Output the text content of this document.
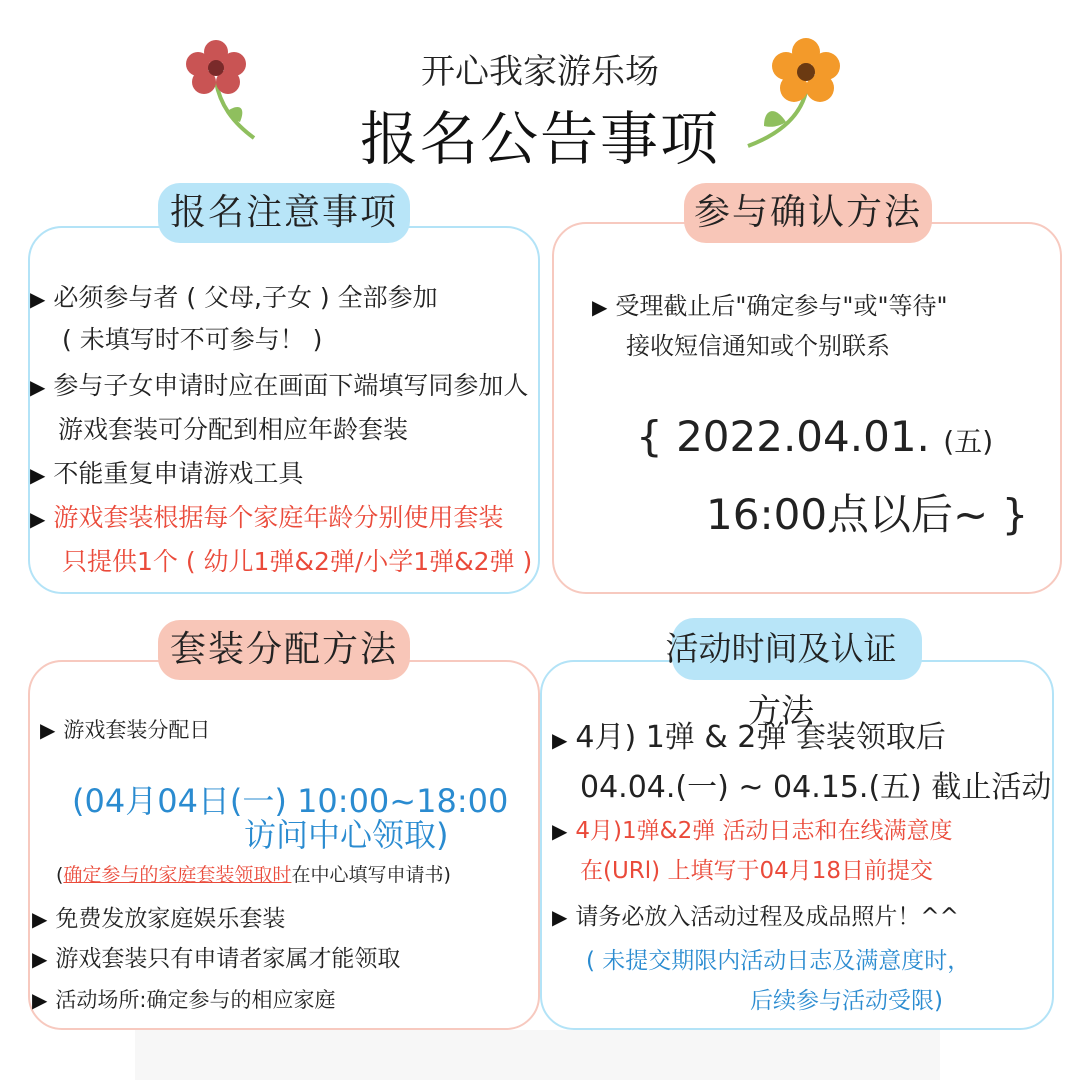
开心我家游乐场
报名公告事项
报名注意事项
▶ 必须参与者 ( 父母,子女 ) 全部参加
( 未填写时不可参与！ )
▶ 参与子女申请时应在画面下端填写同参加人
游戏套装可分配到相应年龄套装
▶ 不能重复申请游戏工具
▶ 游戏套装根据每个家庭年龄分别使用套装
只提供1个 ( 幼儿1弹&2弹/小学1弹&2弹 )
参与确认方法
▶ 受理截止后"确定参与"或"等待"
接收短信通知或个别联系
{ 2022.04.01. (五)
16:00点以后~ }
套装分配方法
▶ 游戏套装分配日
(04月04日(一) 10:00~18:00
访问中心领取)
(确定参与的家庭套装领取时在中心填写申请书)
▶ 免费发放家庭娱乐套装
▶ 游戏套装只有申请者家属才能领取
▶ 活动场所:确定参与的相应家庭
活动时间及认证方法
▶ 4月) 1弹 & 2弹 套装领取后
04.04.(一) ~ 04.15.(五) 截止活动
▶ 4月)1弹&2弹 活动日志和在线满意度
在(URl) 上填写于04月18日前提交
▶ 请务必放入活动过程及成品照片！^^
( 未提交期限内活动日志及满意度时，
后续参与活动受限)
